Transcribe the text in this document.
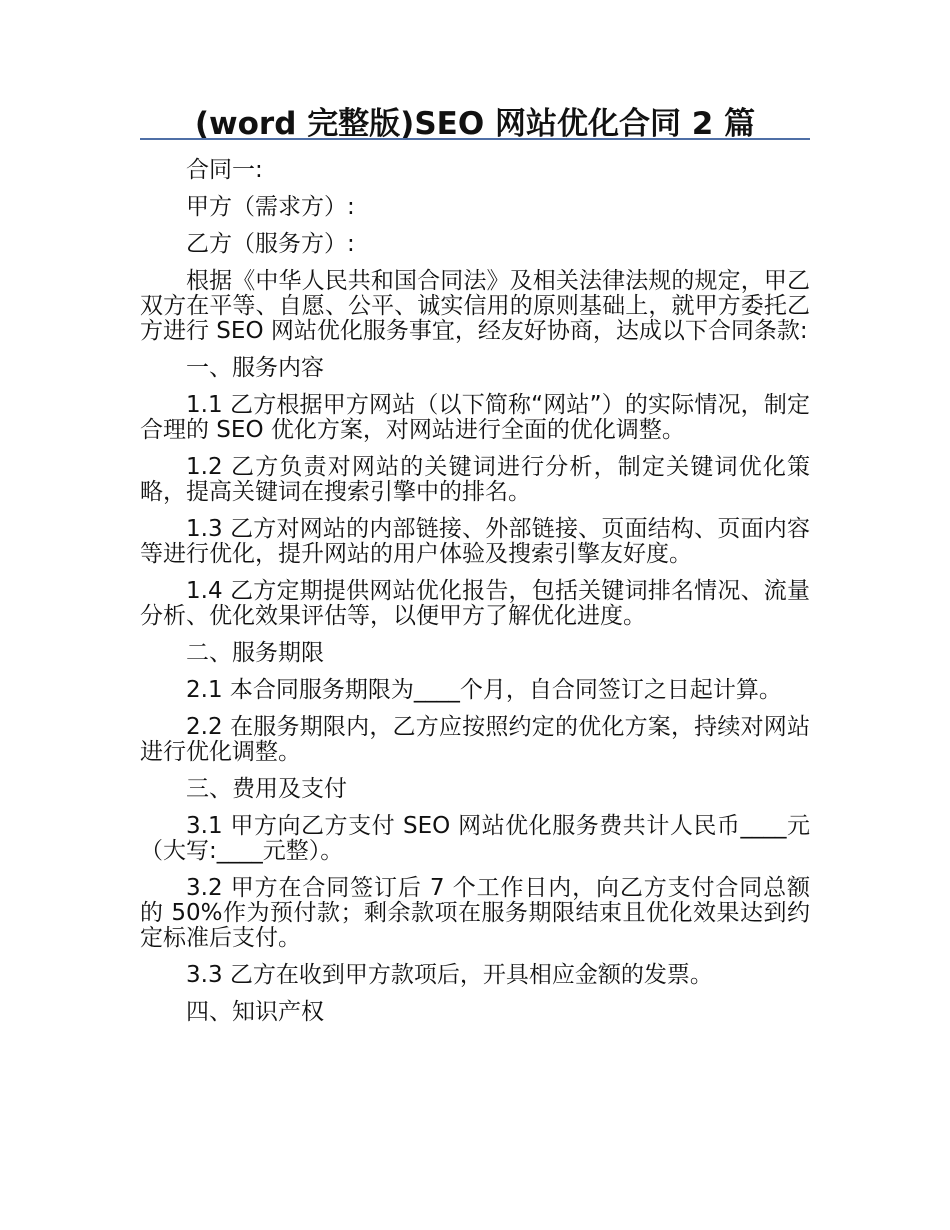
(word 完整版)SEO 网站优化合同 2 篇

合同一:

甲方（需求方）:

乙方（服务方）:

根据《中华人民共和国合同法》及相关法律法规的规定，甲乙双方在平等、自愿、公平、诚实信用的原则基础上，就甲方委托乙方进行 SEO 网站优化服务事宜，经友好协商，达成以下合同条款:

一、服务内容

1.1 乙方根据甲方网站（以下简称“网站”）的实际情况，制定合理的 SEO 优化方案，对网站进行全面的优化调整。

1.2 乙方负责对网站的关键词进行分析，制定关键词优化策略，提高关键词在搜索引擎中的排名。

1.3 乙方对网站的内部链接、外部链接、页面结构、页面内容等进行优化，提升网站的用户体验及搜索引擎友好度。

1.4 乙方定期提供网站优化报告，包括关键词排名情况、流量分析、优化效果评估等，以便甲方了解优化进度。

二、服务期限

2.1 本合同服务期限为____个月，自合同签订之日起计算。

2.2 在服务期限内，乙方应按照约定的优化方案，持续对网站进行优化调整。

三、费用及支付

3.1 甲方向乙方支付 SEO 网站优化服务费共计人民币____元（大写:____元整）。

3.2 甲方在合同签订后 7 个工作日内，向乙方支付合同总额的 50%作为预付款；剩余款项在服务期限结束且优化效果达到约定标准后支付。

3.3 乙方在收到甲方款项后，开具相应金额的发票。

四、知识产权
